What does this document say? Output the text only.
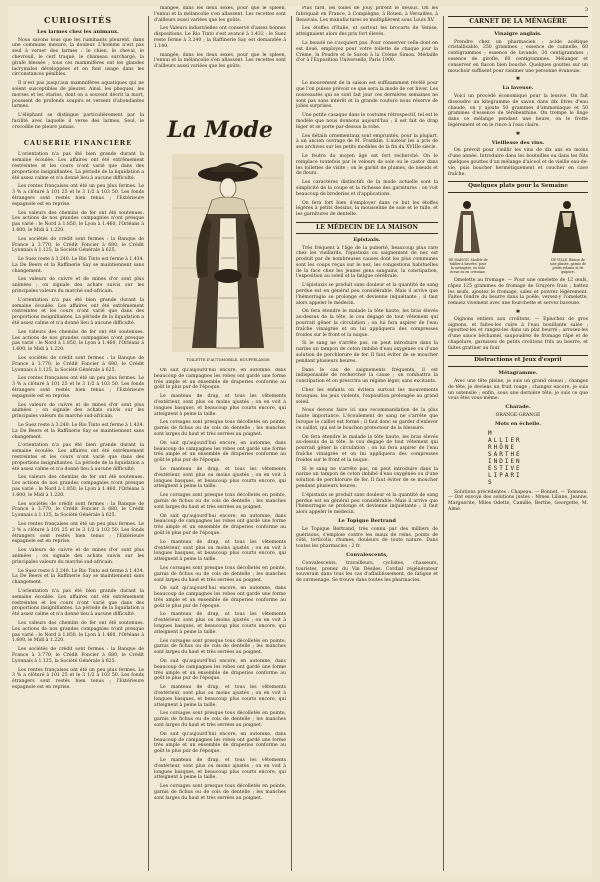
3
CURIOSITÉS
Les larmes chez les animaux.

Nous savons tous que les ruminants pleurent, dans une commune mesure, la douleur. L'homme n'est pas seul à verser des larmes : le chien, le cheval, le chevreuil, le cerf traqué, le chameau surchargé, la girafe blessée ; tous ces mammifères ont les glandes lacrymales développées et en font usage dans les circonstances pénibles.

Il n'est pas jusqu'aux mammifères aquatiques qui ne soient susceptibles de pleurer. Ainsi, les phoques, les morses et les otaries, dont on a souvent décrit la mort, poussent de profonds soupirs et versent d'abondantes larmes.

L'éléphant se distingue particulièrement par la facilité avec laquelle il verse des larmes. Seul, le crocodile ne pleure jamais.

CAUSERIE FINANCIÈRE

L'orientation n'a pas été bien grande durant la semaine écoulée. Les affaires ont été extrêmement restreintes et les cours n'ont varié que dans des proportions insignifiantes. La période de la liquidation a été assez calme et n'a donné lieu à aucune difficulté.

Les rentes françaises ont été un peu plus fermes. Le 3 % a clôturé à 101 25 et le 3 1/2 à 103 50. Les fonds étrangers sont restés bien tenus ; l'Extérieure espagnole est en reprise.

Les valeurs des chemins de fer ont été soutenues. Les actions de nos grandes compagnies n'ont presque pas varié : le Nord à 1.850, le Lyon à 1.460, l'Orléans à 1.600, le Midi à 1.220.

Les sociétés de crédit sont fermes : la Banque de France à 3.770, le Crédit Foncier à 680, le Crédit Lyonnais à 1.125, la Société Générale à 625.

Le Suez reste à 3.240. Le Rio Tinto est ferme à 1.434. La De Beers et la Raffinerie Say se maintiennent sans changement.

Les valeurs de cuivre et de mines d'or sont plus animées ; on signale des achats suivis sur les principales valeurs du marché sud-africain.

L'orientation n'a pas été bien grande durant la semaine écoulée. Les affaires ont été extrêmement restreintes et les cours n'ont varié que dans des proportions insignifiantes. La période de la liquidation a été assez calme et n'a donné lieu à aucune difficulté.

Les valeurs des chemins de fer ont été soutenues. Les actions de nos grandes compagnies n'ont presque pas varié : le Nord à 1.850, le Lyon à 1.460, l'Orléans à 1.600, le Midi à 1.220.

Les sociétés de crédit sont fermes : la Banque de France à 3.770, le Crédit Foncier à 680, le Crédit Lyonnais à 1.125, la Société Générale à 625.

Les rentes françaises ont été un peu plus fermes. Le 3 % a clôturé à 101 25 et le 3 1/2 à 103 50. Les fonds étrangers sont restés bien tenus ; l'Extérieure espagnole est en reprise.

Les valeurs de cuivre et de mines d'or sont plus animées ; on signale des achats suivis sur les principales valeurs du marché sud-africain.

Le Suez reste à 3.240. Le Rio Tinto est ferme à 1.434. La De Beers et la Raffinerie Say se maintiennent sans changement.

L'orientation n'a pas été bien grande durant la semaine écoulée. Les affaires ont été extrêmement restreintes et les cours n'ont varié que dans des proportions insignifiantes. La période de la liquidation a été assez calme et n'a donné lieu à aucune difficulté.

Les valeurs des chemins de fer ont été soutenues. Les actions de nos grandes compagnies n'ont presque pas varié : le Nord à 1.850, le Lyon à 1.460, l'Orléans à 1.600, le Midi à 1.220.

Les sociétés de crédit sont fermes : la Banque de France à 3.770, le Crédit Foncier à 680, le Crédit Lyonnais à 1.125, la Société Générale à 625.

Les rentes françaises ont été un peu plus fermes. Le 3 % a clôturé à 101 25 et le 3 1/2 à 103 50. Les fonds étrangers sont restés bien tenus ; l'Extérieure espagnole est en reprise.

Les valeurs de cuivre et de mines d'or sont plus animées ; on signale des achats suivis sur les principales valeurs du marché sud-africain.

Le Suez reste à 3.240. Le Rio Tinto est ferme à 1.434. La De Beers et la Raffinerie Say se maintiennent sans changement.

L'orientation n'a pas été bien grande durant la semaine écoulée. Les affaires ont été extrêmement restreintes et les cours n'ont varié que dans des proportions insignifiantes. La période de la liquidation a été assez calme et n'a donné lieu à aucune difficulté.

Les valeurs des chemins de fer ont été soutenues. Les actions de nos grandes compagnies n'ont presque pas varié : le Nord à 1.850, le Lyon à 1.460, l'Orléans à 1.600, le Midi à 1.220.

Les sociétés de crédit sont fermes : la Banque de France à 3.770, le Crédit Foncier à 680, le Crédit Lyonnais à 1.125, la Société Générale à 625.

Les rentes françaises ont été un peu plus fermes. Le 3 % a clôturé à 101 25 et le 3 1/2 à 103 50. Les fonds étrangers sont restés bien tenus ; l'Extérieure espagnole est en reprise.

mangée, dans les deux sexes, pour que le spleen, l'ennui et la mélancolie s'en allassent. Les recettes sont d'ailleurs aussi variées que les goûts.

Les Valeurs industrielles ont conservé d'assez bonnes dispositions. Le Rio Tinto s'est avancé à 1.432 ; le Suez reste ferme à 3.240 ; la Raffinerie Say est demandée à 1.140.

mangée, dans les deux sexes, pour que le spleen, l'ennui et la mélancolie s'en allassent. Les recettes sont d'ailleurs aussi variées que les goûts.

La Mode
TOILETTE D'AUTOMOBILE, HOUPPELANDE

On sait qu'aujourd'hui encore, en automne, dans beaucoup de campagnes les robes ont gardé une forme très ample et un ensemble de draperies conforme au goût le plus pur de l'époque.

Le manteau de drap, et tous les vêtements d'extérieur, sont plus ou moins ajustés ; on en voit à longues basques, et beaucoup plus courts encore, qui atteignent à peine la taille.

Les corsages sont presque tous décolletés en pointe, garnis de fichus ou de cols de dentelle ; les manches sont larges du haut et très serrées au poignet.

On sait qu'aujourd'hui encore, en automne, dans beaucoup de campagnes les robes ont gardé une forme très ample et un ensemble de draperies conforme au goût le plus pur de l'époque.

Le manteau de drap, et tous les vêtements d'extérieur, sont plus ou moins ajustés ; on en voit à longues basques, et beaucoup plus courts encore, qui atteignent à peine la taille.

Les corsages sont presque tous décolletés en pointe, garnis de fichus ou de cols de dentelle ; les manches sont larges du haut et très serrées au poignet.

On sait qu'aujourd'hui encore, en automne, dans beaucoup de campagnes les robes ont gardé une forme très ample et un ensemble de draperies conforme au goût le plus pur de l'époque.

Le manteau de drap, et tous les vêtements d'extérieur, sont plus ou moins ajustés ; on en voit à longues basques, et beaucoup plus courts encore, qui atteignent à peine la taille.

Les corsages sont presque tous décolletés en pointe, garnis de fichus ou de cols de dentelle ; les manches sont larges du haut et très serrées au poignet.

On sait qu'aujourd'hui encore, en automne, dans beaucoup de campagnes les robes ont gardé une forme très ample et un ensemble de draperies conforme au goût le plus pur de l'époque.

Le manteau de drap, et tous les vêtements d'extérieur, sont plus ou moins ajustés ; on en voit à longues basques, et beaucoup plus courts encore, qui atteignent à peine la taille.

Les corsages sont presque tous décolletés en pointe, garnis de fichus ou de cols de dentelle ; les manches sont larges du haut et très serrées au poignet.

On sait qu'aujourd'hui encore, en automne, dans beaucoup de campagnes les robes ont gardé une forme très ample et un ensemble de draperies conforme au goût le plus pur de l'époque.

Le manteau de drap, et tous les vêtements d'extérieur, sont plus ou moins ajustés ; on en voit à longues basques, et beaucoup plus courts encore, qui atteignent à peine la taille.

Les corsages sont presque tous décolletés en pointe, garnis de fichus ou de cols de dentelle ; les manches sont larges du haut et très serrées au poignet.

On sait qu'aujourd'hui encore, en automne, dans beaucoup de campagnes les robes ont gardé une forme très ample et un ensemble de draperies conforme au goût le plus pur de l'époque.

Le manteau de drap, et tous les vêtements d'extérieur, sont plus ou moins ajustés ; on en voit à longues basques, et beaucoup plus courts encore, qui atteignent à peine la taille.

Les corsages sont presque tous décolletés en pointe, garnis de fichus ou de cols de dentelle ; les manches sont larges du haut et très serrées au poignet.

Plus tard, les toiles de Jouy prirent le dessus. On les fabriquait en France, à Compiègne, à Rouen, à Versailles, à Beauvais. Les manufactures se multiplièrent sous Louis XV.

Les étoffes d'Italie, et surtout les brocarts de Venise, atteignaient alors des prix fort élevés.

La beauté ne s'acquiert pas. Pour conserver celle dont on est doué, employez pour votre toilette de chaque jour la Crème, la Poudre et le Savon à la Crème Simon. Médaille d'or à l'Exposition Universelle, Paris 1900.

Le mouvement de la saison est suffisamment révélé pour que l'on puisse prévoir ce que sera la mode de cet hiver. Les nouveautés qui se sont fait jour ces dernières semaines ne sont pas sans intérêt et la grande couture nous réserve de jolies surprises.

Une petite casaque dans le costume rétrospectif, tel est le modèle que nous donnons aujourd'hui ; il est fait de drap léger et se porte par-dessus la robe.

Les détails ornementaux sont empruntés, pour la plupart, à un ancien ouvrage de M. Franklin. L'auteur les a pris de ses archives sur les petits modèles de la fin du XVIIIe siècle.

Le feutre du moyen âge est fort recherché. On le remplace toutefois par le velours de soie ou le castor dans les toilettes de visite ; on le garnit de plumes, de nœuds et de fleurs.

Les caractères distinctifs de la mode actuelle sont la simplicité de la coupe et la richesse des garnitures ; on voit beaucoup de broderies et d'applications.

On fera fort bien d'employer dans ce but les étoffes légères à petits dessins, la mousseline de soie et le tulle, et les garnitures de dentelle.

LE MÉDECIN DE LA MAISON
Epistaxis.

Très fréquent à l'âge de la puberté, beaucoup plus rare chez les vieillards, l'épistaxis ou saignement de nez est produit par de nombreuses causes dont les plus communes sont les coups reçus sur le nez, les congestions habituelles de la face chez les jeunes gens sanguins, la constipation, l'exposition au soleil et la fatigue cérébrale.

L'épistaxis se produit sans douleur et la quantité de sang perdue est en général peu considérable. Mais il arrive que l'hémorragie se prolonge et devienne inquiétante ; il faut alors appeler le médecin.

On fera étendre le malade la tête haute, les bras élevés au-dessus de la tête, le cou dégagé de tout vêtement qui pourrait gêner la circulation ; on lui fera aspirer de l'eau fraîche vinaigrée et on lui appliquera des compresses froides sur le front et la nuque.

Si le sang ne s'arrête pas, on peut introduire dans la narine un tampon de coton imbibé d'eau oxygénée ou d'une solution de perchlorure de fer. Il faut éviter de se moucher pendant plusieurs heures.

Dans le cas de saignements fréquents, il est indispensable de rechercher la cause ; on combattra la constipation et on prescrira un régime léger, sans excitants.

Chez les enfants on évitera surtout les mouvements brusques, les jeux violents, l'exposition prolongée au grand soleil.

Nous devons faire ici une recommandation de la plus haute importance. L'écoulement de sang ne s'arrête que lorsque le caillot est formé ; il faut donc se garder d'enlever ce caillot, qui est le bouchon protecteur de la blessure.

On fera étendre le malade la tête haute, les bras élevés au-dessus de la tête, le cou dégagé de tout vêtement qui pourrait gêner la circulation ; on lui fera aspirer de l'eau fraîche vinaigrée et on lui appliquera des compresses froides sur le front et la nuque.

Si le sang ne s'arrête pas, on peut introduire dans la narine un tampon de coton imbibé d'eau oxygénée ou d'une solution de perchlorure de fer. Il faut éviter de se moucher pendant plusieurs heures.

L'épistaxis se produit sans douleur et la quantité de sang perdue est en général peu considérable. Mais il arrive que l'hémorragie se prolonge et devienne inquiétante ; il faut alors appeler le médecin.

Le Topique Bertrand

Le Topique Bertrand, très connu par des milliers de guérisons, s'emploie contre les maux de reins, points de côté, torticolis, rhumes, douleurs de toute nature. Dans toutes les pharmacies : 2 fr.

Convalescents,

Convalescents, travailleurs, cyclistes, chasseurs, touristes, prenez du Vin Désiles. Cordial régénérateur souverain dans tous les cas d'affaiblissement, de fatigue et de surmenage. Se trouve dans toutes les pharmacies.

CARNET DE LA MÉNAGÈRE
Vinaigre anglais.

Prendre chez un pharmacien : acide acétique cristallisable, 250 grammes ; essence de cannelle, 60 centigrammes ; essence de lavande, 30 centigrammes ; essence de girofle, 60 centigrammes. Mélanger et conserver en flacon bien bouché. Quelques gouttes sur un mouchoir suffisent pour ranimer une personne évanouie.

✱
La laveuse.

Voici un procédé économique pour la lessive. On fait dissoudre un kilogramme de savon dans dix litres d'eau chaude, on y ajoute 50 grammes d'ammoniaque et 50 grammes d'essence de térébenthine. On trempe le linge dans ce mélange pendant une heure, on le frotte légèrement et on le rince à l'eau claire.

✱
Vieillesse des vins.

On prévoit pour vieillir les vins de dix ans en moins d'une année. Introduire dans les bouteilles ou dans les fûts quelques gouttes d'un mélange d'alcool et de vieille eau-de-vie, puis boucher hermétiquement et coucher en cave fraîche.

Quelques plats pour la Semaine
DE MAISON. Modèle de tablier à bavette, pour la ménagère, en toile écrue ou en cretonne.
DE VILLE. Blouse de soie plissée, garnie de petits volants et de guipure.

Omelette au fromage. — Pour une omelette de 12 œufs, râpez 125 grammes de fromage de Gruyère frais ; battez les œufs, ajoutez le fromage, salez et poivrez légèrement. Faites fondre du beurre dans la poêle, versez-y l'omelette, remuez vivement avec une fourchette et servez baveuse.

✱

Oignons entiers aux croûtons. — Epluchez de gros oignons, et faites-les cuire à l'eau bouillante salée ; égouttez-les et rangez-les dans un plat beurré ; arrosez-les d'une sauce béchamel, saupoudrez de fromage râpé et de chapelure, garnissez de petits croûtons frits au beurre, et faites gratiner au four.

Distractions et Jeux d'esprit
Métagramme.

Avec une tête pleine, je suis un grand oiseau ; changez de tête, je deviens un fruit rouge ; changez encore, je suis un ustensile ; enfin, sous une dernière tête, je suis ce que vous êtes vous-même.

Charade.
ORANGE-GRANGE
Mots en échelle.
M
ALLIER
RHÔNE
SARTHE
INDIEN
ESTIVE
LIPARI
S

Solutions précédentes : Chapeau. — Bonnet. — Tonneau. — Ont envoyé des solutions justes : Mmes Liliane, Jeanne, Marguerite, Mlles Odette, Camille, Berthe, Georgette, M. Aimé.
